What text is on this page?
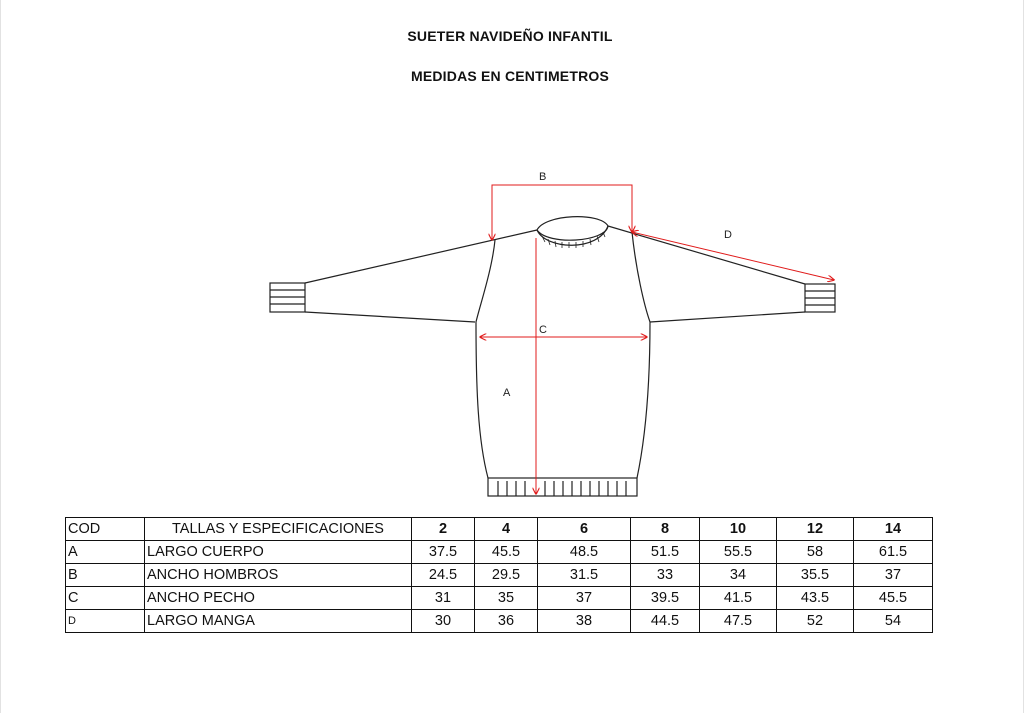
SUETER NAVIDEÑO INFANTIL
MEDIDAS EN CENTIMETROS
B
C
A
D
COD	TALLAS Y ESPECIFICACIONES	2	4	6	8	10	12	14
A	LARGO CUERPO	37.5	45.5	48.5	51.5	55.5	58	61.5
B	ANCHO HOMBROS	24.5	29.5	31.5	33	34	35.5	37
C	ANCHO PECHO	31	35	37	39.5	41.5	43.5	45.5
D	LARGO MANGA	30	36	38	44.5	47.5	52	54
